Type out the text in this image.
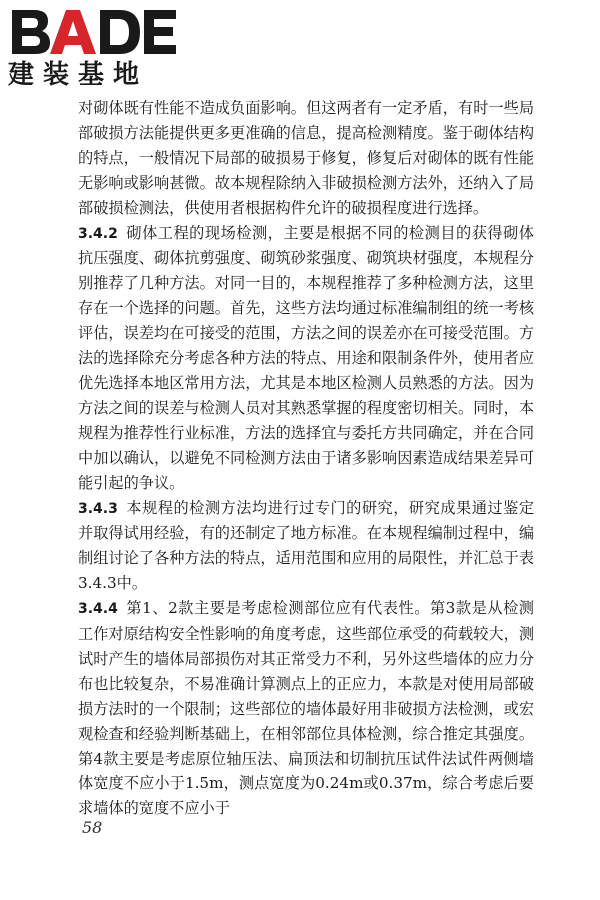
建装基地

对砌体既有性能不造成负面影响。但这两者有一定矛盾，有时一些局部破损方法能提供更多更准确的信息，提高检测精度。鉴于砌体结构的特点，一般情况下局部的破损易于修复，修复后对砌体的既有性能无影响或影响甚微。故本规程除纳入非破损检测方法外，还纳入了局部破损检测法，供使用者根据构件允许的破损程度进行选择。

3.4.2 砌体工程的现场检测，主要是根据不同的检测目的获得砌体抗压强度、砌体抗剪强度、砌筑砂浆强度、砌筑块材强度，本规程分别推荐了几种方法。对同一目的，本规程推荐了多种检测方法，这里存在一个选择的问题。首先，这些方法均通过标准编制组的统一考核评估，误差均在可接受的范围，方法之间的误差亦在可接受范围。方法的选择除充分考虑各种方法的特点、用途和限制条件外，使用者应优先选择本地区常用方法，尤其是本地区检测人员熟悉的方法。因为方法之间的误差与检测人员对其熟悉掌握的程度密切相关。同时，本规程为推荐性行业标准，方法的选择宜与委托方共同确定，并在合同中加以确认，以避免不同检测方法由于诸多影响因素造成结果差异可能引起的争议。

3.4.3 本规程的检测方法均进行过专门的研究，研究成果通过鉴定并取得试用经验，有的还制定了地方标准。在本规程编制过程中，编制组讨论了各种方法的特点，适用范围和应用的局限性，并汇总于表3.4.3中。

3.4.4 第1、2款主要是考虑检测部位应有代表性。第3款是从检测工作对原结构安全性影响的角度考虑，这些部位承受的荷载较大，测试时产生的墙体局部损伤对其正常受力不利，另外这些墙体的应力分布也比较复杂，不易准确计算测点上的正应力，本款是对使用局部破损方法时的一个限制；这些部位的墙体最好用非破损方法检测，或宏观检查和经验判断基础上，在相邻部位具体检测，综合推定其强度。第4款主要是考虑原位轴压法、扁顶法和切制抗压试件法试件两侧墙体宽度不应小于1.5m，测点宽度为0.24m或0.37m，综合考虑后要求墙体的宽度不应小于

58
